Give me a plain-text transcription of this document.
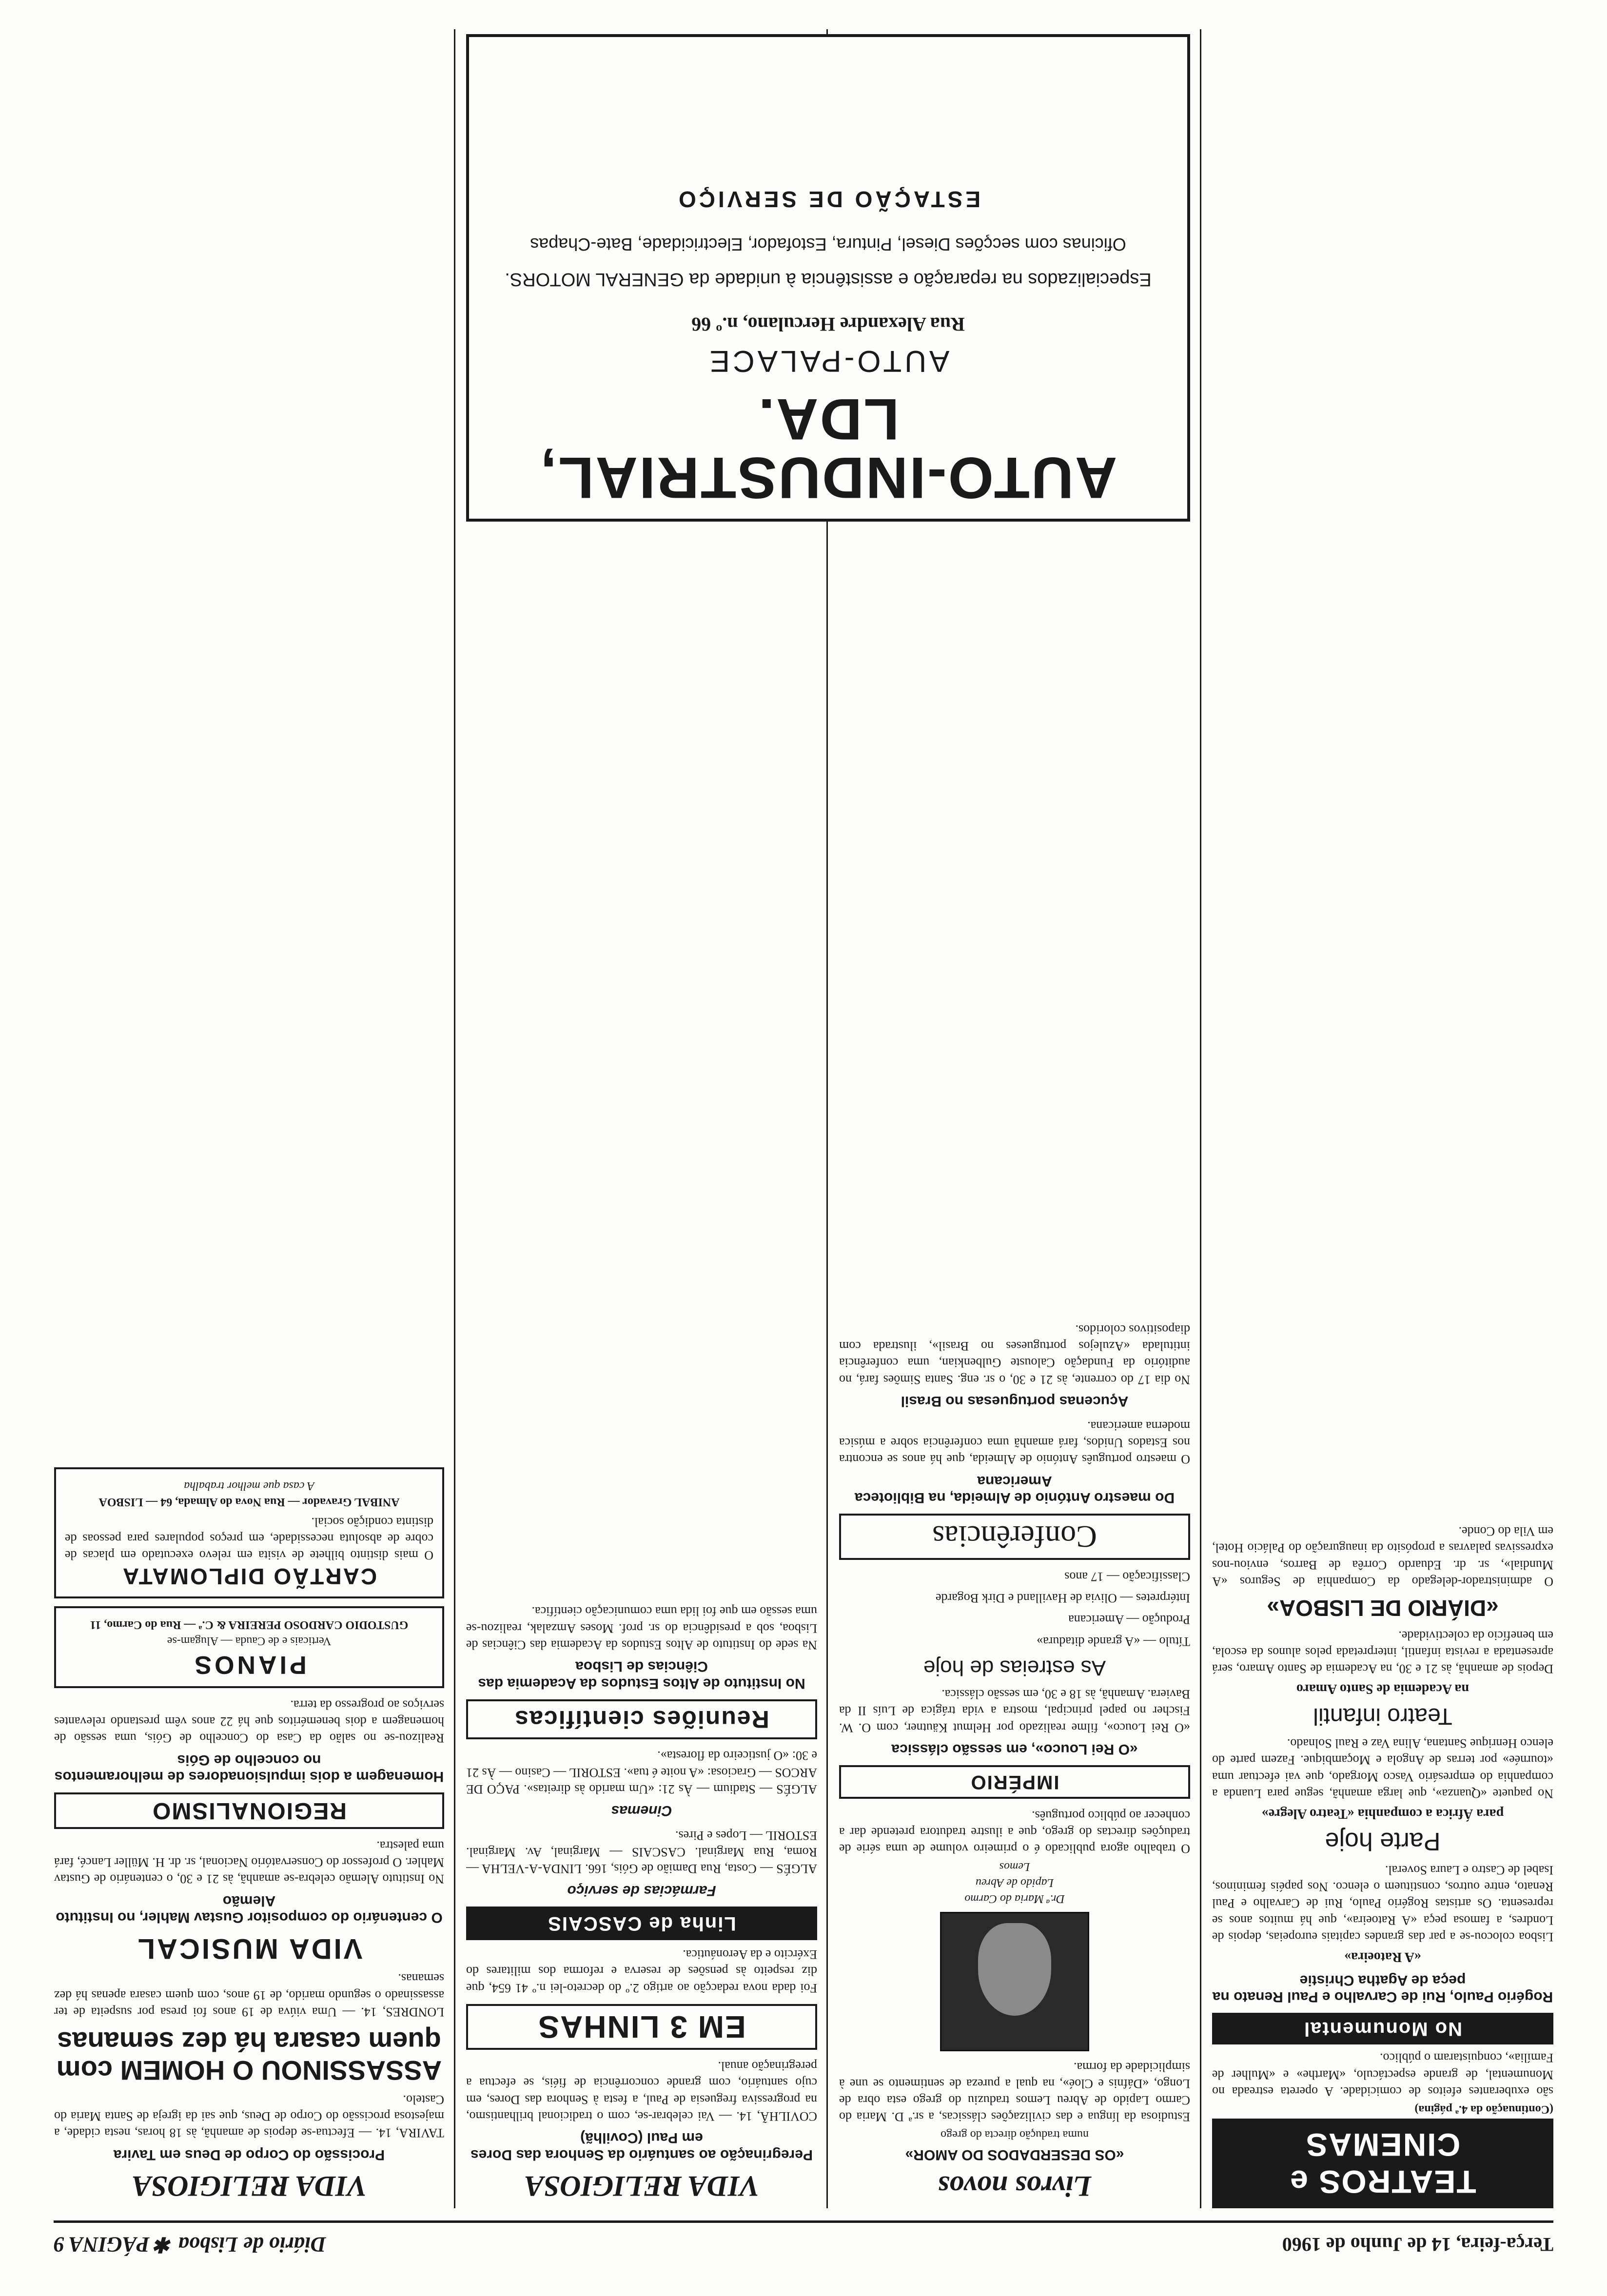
Terça-feira, 14 de Junho de 1960
Diário de Lisboa ✱ PÁGINA 9
TEATROS e CINEMAS
(Continuação da 4.ª página)
são exuberantes efeitos de comicidade. A opereta estreada no Monumental, de grande espectáculo, «Marthe» e «Mulher de Família», conquistaram o público.
No Monumental
Rogério Paulo, Rui de Carvalho e Paul Renato na peça de Agatha Christie
«A Ratoeira»
Lisboa colocou-se a par das grandes capitais europeias, depois de Londres, a famosa peça «A Ratoeira», que há muitos anos se representa. Os artistas Rogério Paulo, Rui de Carvalho e Paul Renato, entre outros, constituem o elenco. Nos papéis femininos, Isabel de Castro e Laura Soveral.
Parte hoje
para África a companhia «Teatro Alegre»
No paquete «Quanza», que larga amanhã, segue para Luanda a companhia do empresário Vasco Morgado, que vai efectuar uma «tournée» por terras de Angola e Moçambique. Fazem parte do elenco Henrique Santana, Alina Vaz e Raul Solnado.
Teatro infantil
na Academia de Santo Amaro
Depois de amanhã, às 21 e 30, na Academia de Santo Amaro, será apresentada a revista infantil, interpretada pelos alunos da escola, em benefício da colectividade.
«DIÁRIO DE LISBOA»
O administrador-delegado da Companhia de Seguros «A Mundial», sr. dr. Eduardo Corrêa de Barros, enviou-nos expressivas palavras a propósito da inauguração do Palácio Hotel, em Vila do Conde.
Livros novos
«OS DESERDADOS DO AMOR»
numa tradução directa do grego
Estudiosa da língua e das civilizações clássicas, a sr.ª D. Maria do Carmo Lapido de Abreu Lemos traduziu do grego esta obra de Longo, «Dáfnis e Cloé», na qual a pureza de sentimento se une à simplicidade da forma.
Dr.ª Maria do Carmo
Lapido de Abreu
Lemos
O trabalho agora publicado é o primeiro volume de uma série de traduções directas do grego, que a ilustre tradutora pretende dar a conhecer ao público português.
IMPÉRIO
«O Rei Louco», em sessão clássica
«O Rei Louco», filme realizado por Helmut Käutner, com O. W. Fischer no papel principal, mostra a vida trágica de Luís II da Baviera. Amanhã, às 18 e 30, em sessão clássica.
As estreias de hoje
Título — «A grande ditadura»
Produção — Americana
Intérpretes — Olivia de Havilland e Dirk Bogarde
Classificação — 17 anos
Conferências
Do maestro António de Almeida, na Biblioteca Americana
O maestro português António de Almeida, que há anos se encontra nos Estados Unidos, fará amanhã uma conferência sobre a música moderna americana.
Açucenas portuguesas no Brasil
No dia 17 do corrente, às 21 e 30, o sr. eng. Santa Simões fará, no auditório da Fundação Calouste Gulbenkian, uma conferência intitulada «Azulejos portugueses no Brasil», ilustrada com diapositivos coloridos.
VIDA RELIGIOSA
Peregrinação ao santuário da Senhora das Dores em Paul (Covilhã)
COVILHÃ, 14. — Vai celebrar-se, com o tradicional brilhantismo, na progressiva freguesia de Paul, a festa à Senhora das Dores, em cujo santuário, com grande concorrência de fiéis, se efectua a peregrinação anual.
EM 3 LINHAS
Foi dada nova redacção ao artigo 2.º do decreto-lei n.º 41 654, que diz respeito às pensões de reserva e reforma dos militares do Exército e da Aeronáutica.
Linha de CASCAIS
Farmácias de serviço
ALGÉS — Costa, Rua Damião de Góis, 166. LINDA-A-VELHA — Roma, Rua Marginal. CASCAIS — Marginal, Av. Marginal. ESTORIL — Lopes e Pires.
Cinemas
ALGÉS — Stadium — Às 21: «Um marido às direitas». PAÇO DE ARCOS — Graciosa: «A noite é tua». ESTORIL — Casino — Às 21 e 30: «O justiceiro da floresta».
Reuniões científicas
No Instituto de Altos Estudos da Academia das Ciências de Lisboa
Na sede do Instituto de Altos Estudos da Academia das Ciências de Lisboa, sob a presidência do sr. prof. Moses Amzalak, realizou-se uma sessão em que foi lida uma comunicação científica.
VIDA RELIGIOSA
Procissão do Corpo de Deus em Tavira
TAVIRA, 14. — Efectua-se depois de amanhã, às 18 horas, nesta cidade, a majestosa procissão do Corpo de Deus, que sai da igreja de Santa Maria do Castelo.
ASSASSINOU O HOMEM com quem casara há dez semanas
LONDRES, 14. — Uma viúva de 19 anos foi presa por suspeita de ter assassinado o segundo marido, de 19 anos, com quem casara apenas há dez semanas.
VIDA MUSICAL
O centenário do compositor Gustav Mahler, no Instituto Alemão
No Instituto Alemão celebra-se amanhã, às 21 e 30, o centenário de Gustav Mahler. O professor do Conservatório Nacional, sr. dr. H. Müller Lancé, fará uma palestra.
REGIONALISMO
Homenagem a dois impulsionadores de melhoramentos no concelho de Góis
Realizou-se no salão da Casa do Concelho de Góis, uma sessão de homenagem a dois beneméritos que há 22 anos vêm prestando relevantes serviços ao progresso da terra.
PIANOS
Verticais e de Cauda — Alugam-se
GUSTODIO CARDOSO PEREIRA & C.ª — Rua do Carmo, 11
CARTÃO DIPLOMATA
O mais distinto bilhete de visita em relevo executado em placas de cobre de absoluta necessidade, em preços populares para pessoas de distinta condição social.
ANIBAL Gravador — Rua Nova do Almada, 64 — LISBOA
A casa que melhor trabalha
AUTO-INDUSTRIAL, LDA.
AUTO-PALACE
Rua Alexandre Herculano, n.º 66
Especializados na reparação e assistência à unidade da GENERAL MOTORS.
Oficinas com secções Diesel, Pintura, Estofador, Electricidade, Bate-Chapas
ESTAÇÃO DE SERVIÇO
